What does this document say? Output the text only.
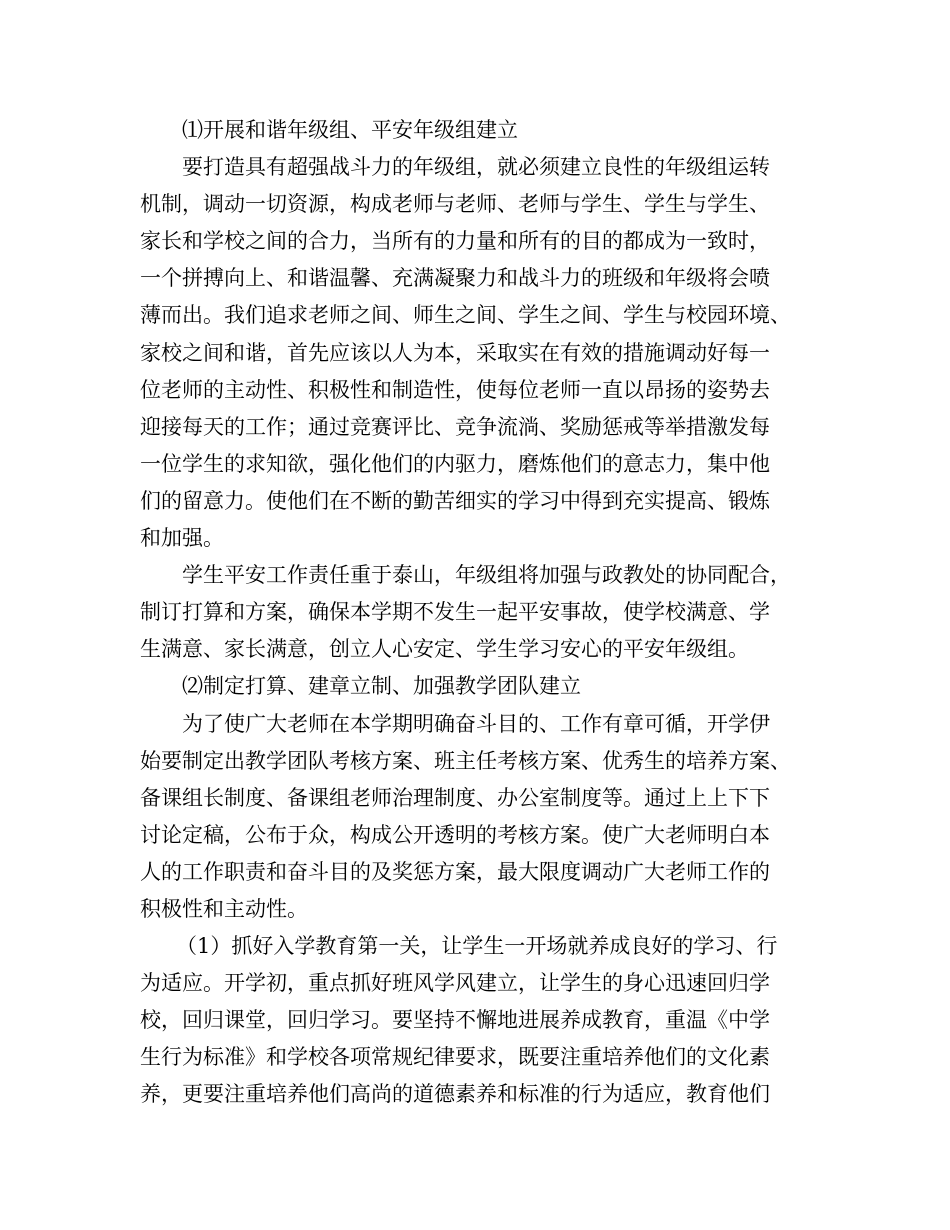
⑴开展和谐年级组、平安年级组建立
要打造具有超强战斗力的年级组，就必须建立良性的年级组运转
机制，调动一切资源，构成老师与老师、老师与学生、学生与学生、
家长和学校之间的合力，当所有的力量和所有的目的都成为一致时，
一个拼搏向上、和谐温馨、充满凝聚力和战斗力的班级和年级将会喷
薄而出。我们追求老师之间、师生之间、学生之间、学生与校园环境、
家校之间和谐，首先应该以人为本，采取实在有效的措施调动好每一
位老师的主动性、积极性和制造性，使每位老师一直以昂扬的姿势去
迎接每天的工作；通过竞赛评比、竞争流淌、奖励惩戒等举措激发每
一位学生的求知欲，强化他们的内驱力，磨炼他们的意志力，集中他
们的留意力。使他们在不断的勤苦细实的学习中得到充实提高、锻炼
和加强。
学生平安工作责任重于泰山，年级组将加强与政教处的协同配合，
制订打算和方案，确保本学期不发生一起平安事故，使学校满意、学
生满意、家长满意，创立人心安定、学生学习安心的平安年级组。
⑵制定打算、建章立制、加强教学团队建立
为了使广大老师在本学期明确奋斗目的、工作有章可循，开学伊
始要制定出教学团队考核方案、班主任考核方案、优秀生的培养方案、
备课组长制度、备课组老师治理制度、办公室制度等。通过上上下下
讨论定稿，公布于众，构成公开透明的考核方案。使广大老师明白本
人的工作职责和奋斗目的及奖惩方案，最大限度调动广大老师工作的
积极性和主动性。
（1）抓好入学教育第一关，让学生一开场就养成良好的学习、行
为适应。开学初，重点抓好班风学风建立，让学生的身心迅速回归学
校，回归课堂，回归学习。要坚持不懈地进展养成教育，重温《中学
生行为标准》和学校各项常规纪律要求，既要注重培养他们的文化素
养，更要注重培养他们高尚的道德素养和标准的行为适应，教育他们
